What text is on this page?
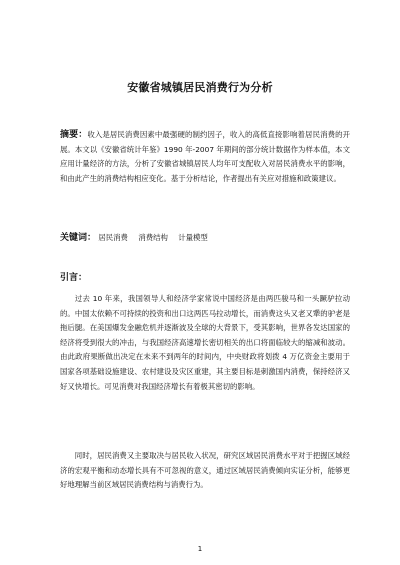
安徽省城镇居民消费行为分析
摘要：收入是居民消费因素中最强硬的制约因子，收入的高低直接影响着居民消费的开展。本文以《安徽省统计年鉴》1990 年-2007 年期间的部分统计数据作为样本值，本文应用计量经济的方法，分析了安徽省城镇居民人均年可支配收入对居民消费水平的影响，和由此产生的消费结构相应变化。基于分析结论，作者提出有关应对措施和政策建议。
关键词： 居民消费 消费结构 计量模型
引言：
过去 10 年来，我国领导人和经济学家常说中国经济是由两匹骏马和一头蹶驴拉动的。中国太依赖不可持续的投资和出口这两匹马拉动增长，而消费这头又老又犟的驴老是拖后腿。在美国爆发金融危机并逐渐波及全球的大背景下，受其影响，世界各发达国家的经济将受到很大的冲击，与我国经济高速增长密切相关的出口将面临较大的缩减和波动。由此政府果断做出决定在未来不到两年的时间内，中央财政将划拨 4 万亿资金主要用于国家各项基础设施建设、农村建设及灾区重建，其主要目标是刺激国内消费，保持经济又好又快增长。可见消费对我国经济增长有着极其密切的影响。
同时，居民消费又主要取决与居民收入状况，研究区域居民消费水平对于把握区域经济的宏观平衡和动态增长具有不可忽视的意义，通过区域居民消费倾向实证分析，能够更好地理解当前区域居民消费结构与消费行为。
1
